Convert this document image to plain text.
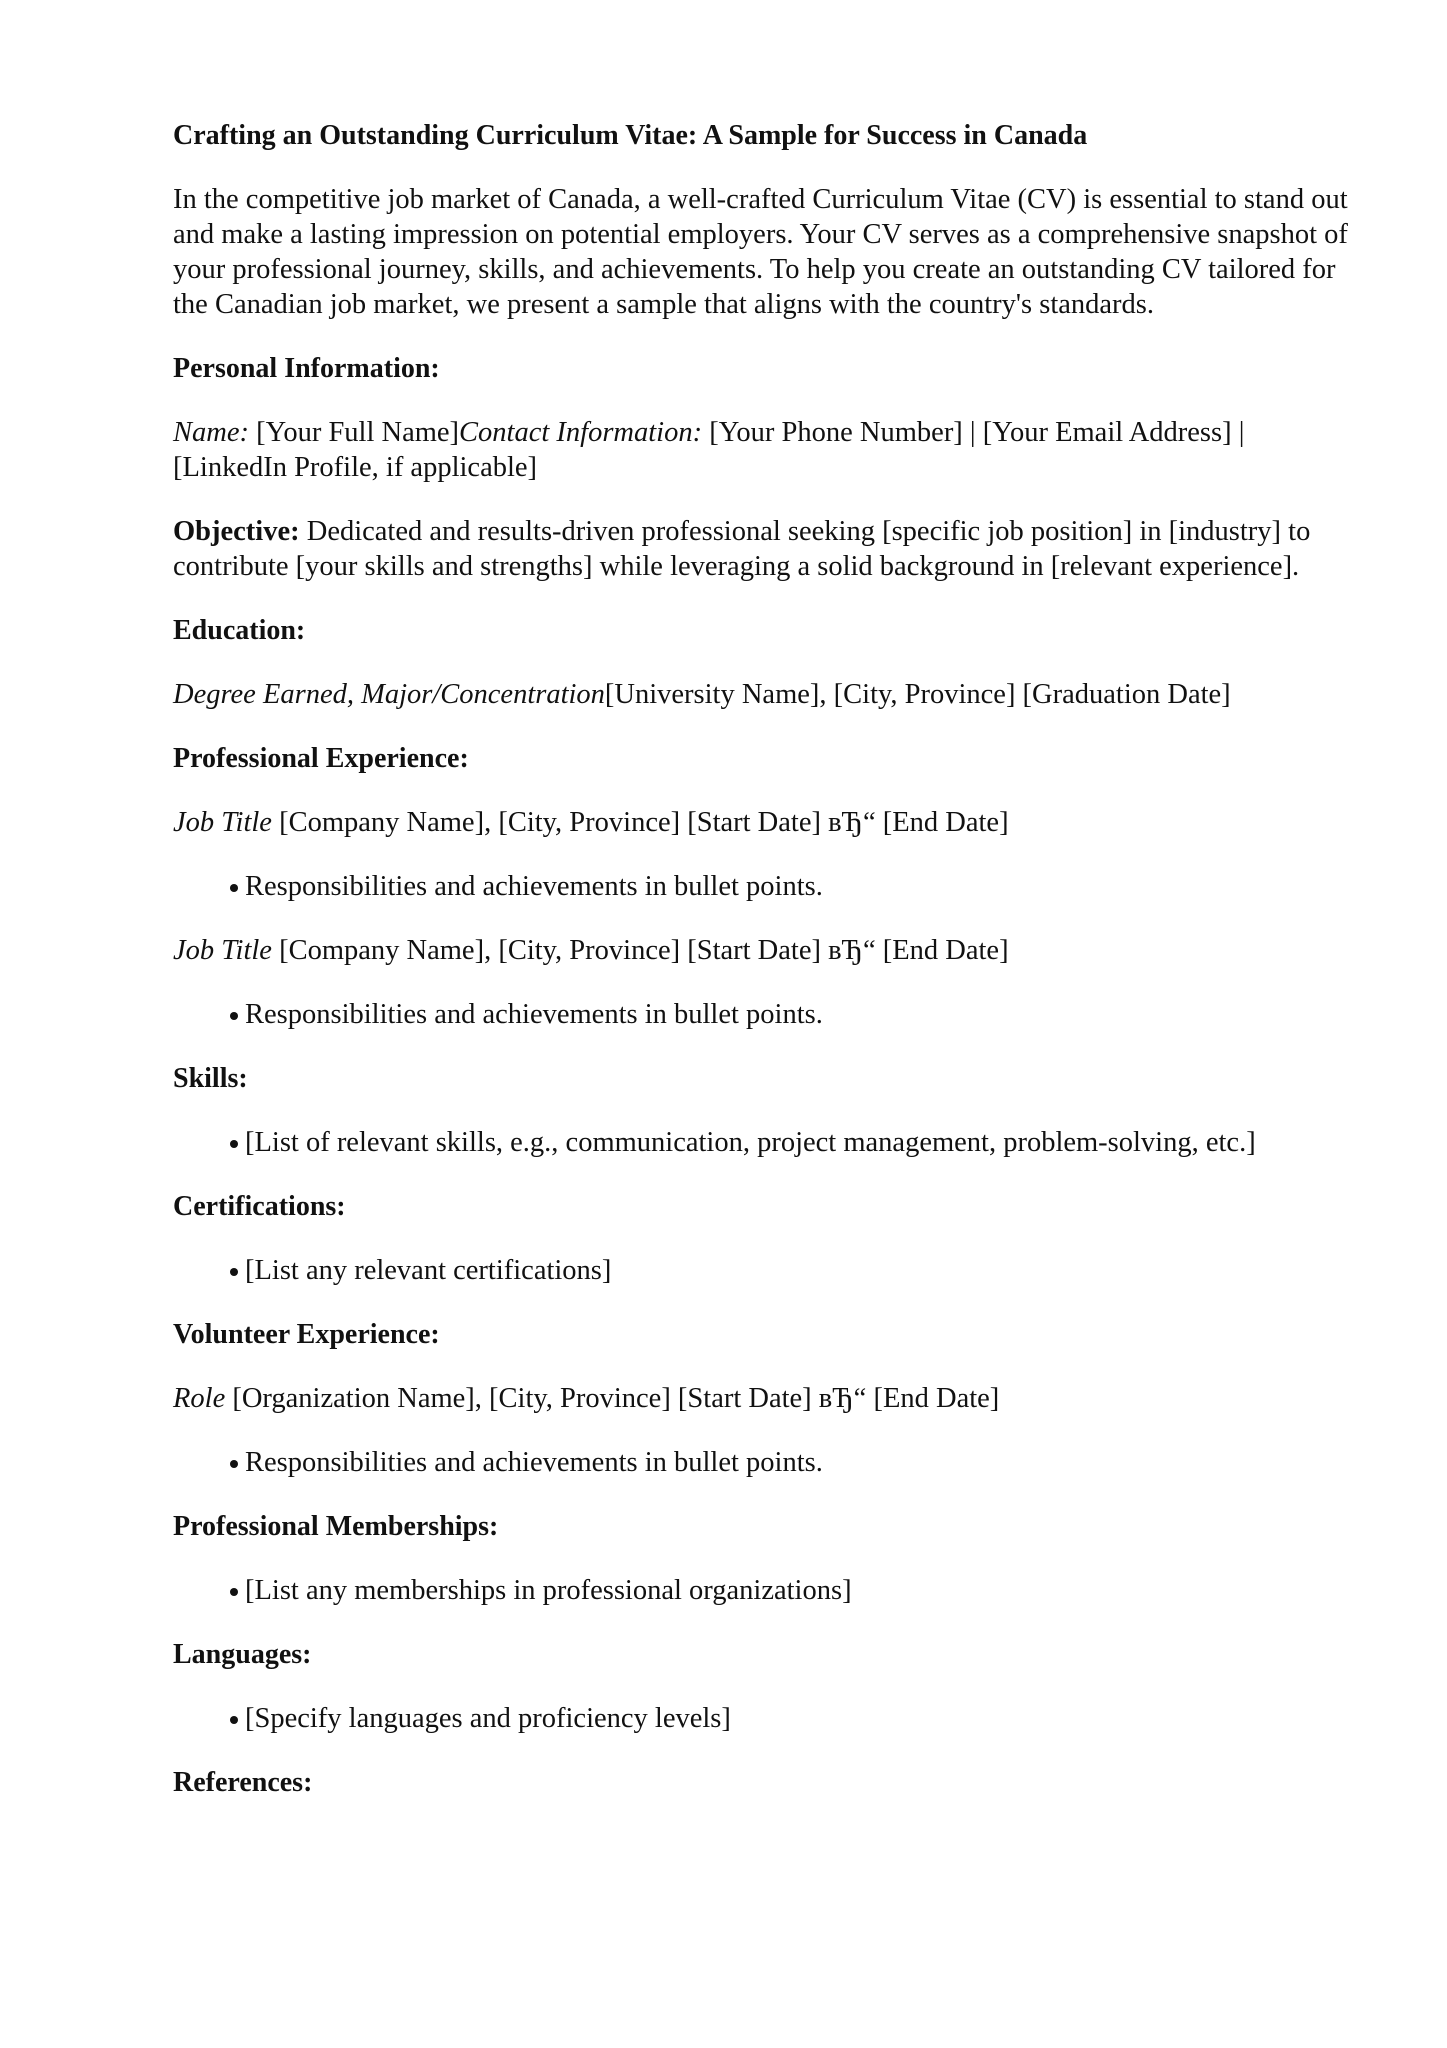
Crafting an Outstanding Curriculum Vitae: A Sample for Success in Canada
In the competitive job market of Canada, a well-crafted Curriculum Vitae (CV) is essential to stand out and make a lasting impression on potential employers. Your CV serves as a comprehensive snapshot of your professional journey, skills, and achievements. To help you create an outstanding CV tailored for the Canadian job market, we present a sample that aligns with the country's standards.
Personal Information:
Name: [Your Full Name]Contact Information: [Your Phone Number] | [Your Email Address] | [LinkedIn Profile, if applicable]
Objective: Dedicated and results-driven professional seeking [specific job position] in [industry] to contribute [your skills and strengths] while leveraging a solid background in [relevant experience].
Education:
Degree Earned, Major/Concentration[University Name], [City, Province] [Graduation Date]
Professional Experience:
Job Title [Company Name], [City, Province] [Start Date] вЂ“ [End Date]
Responsibilities and achievements in bullet points.
Job Title [Company Name], [City, Province] [Start Date] вЂ“ [End Date]
Responsibilities and achievements in bullet points.
Skills:
[List of relevant skills, e.g., communication, project management, problem-solving, etc.]
Certifications:
[List any relevant certifications]
Volunteer Experience:
Role [Organization Name], [City, Province] [Start Date] вЂ“ [End Date]
Responsibilities and achievements in bullet points.
Professional Memberships:
[List any memberships in professional organizations]
Languages:
[Specify languages and proficiency levels]
References:
